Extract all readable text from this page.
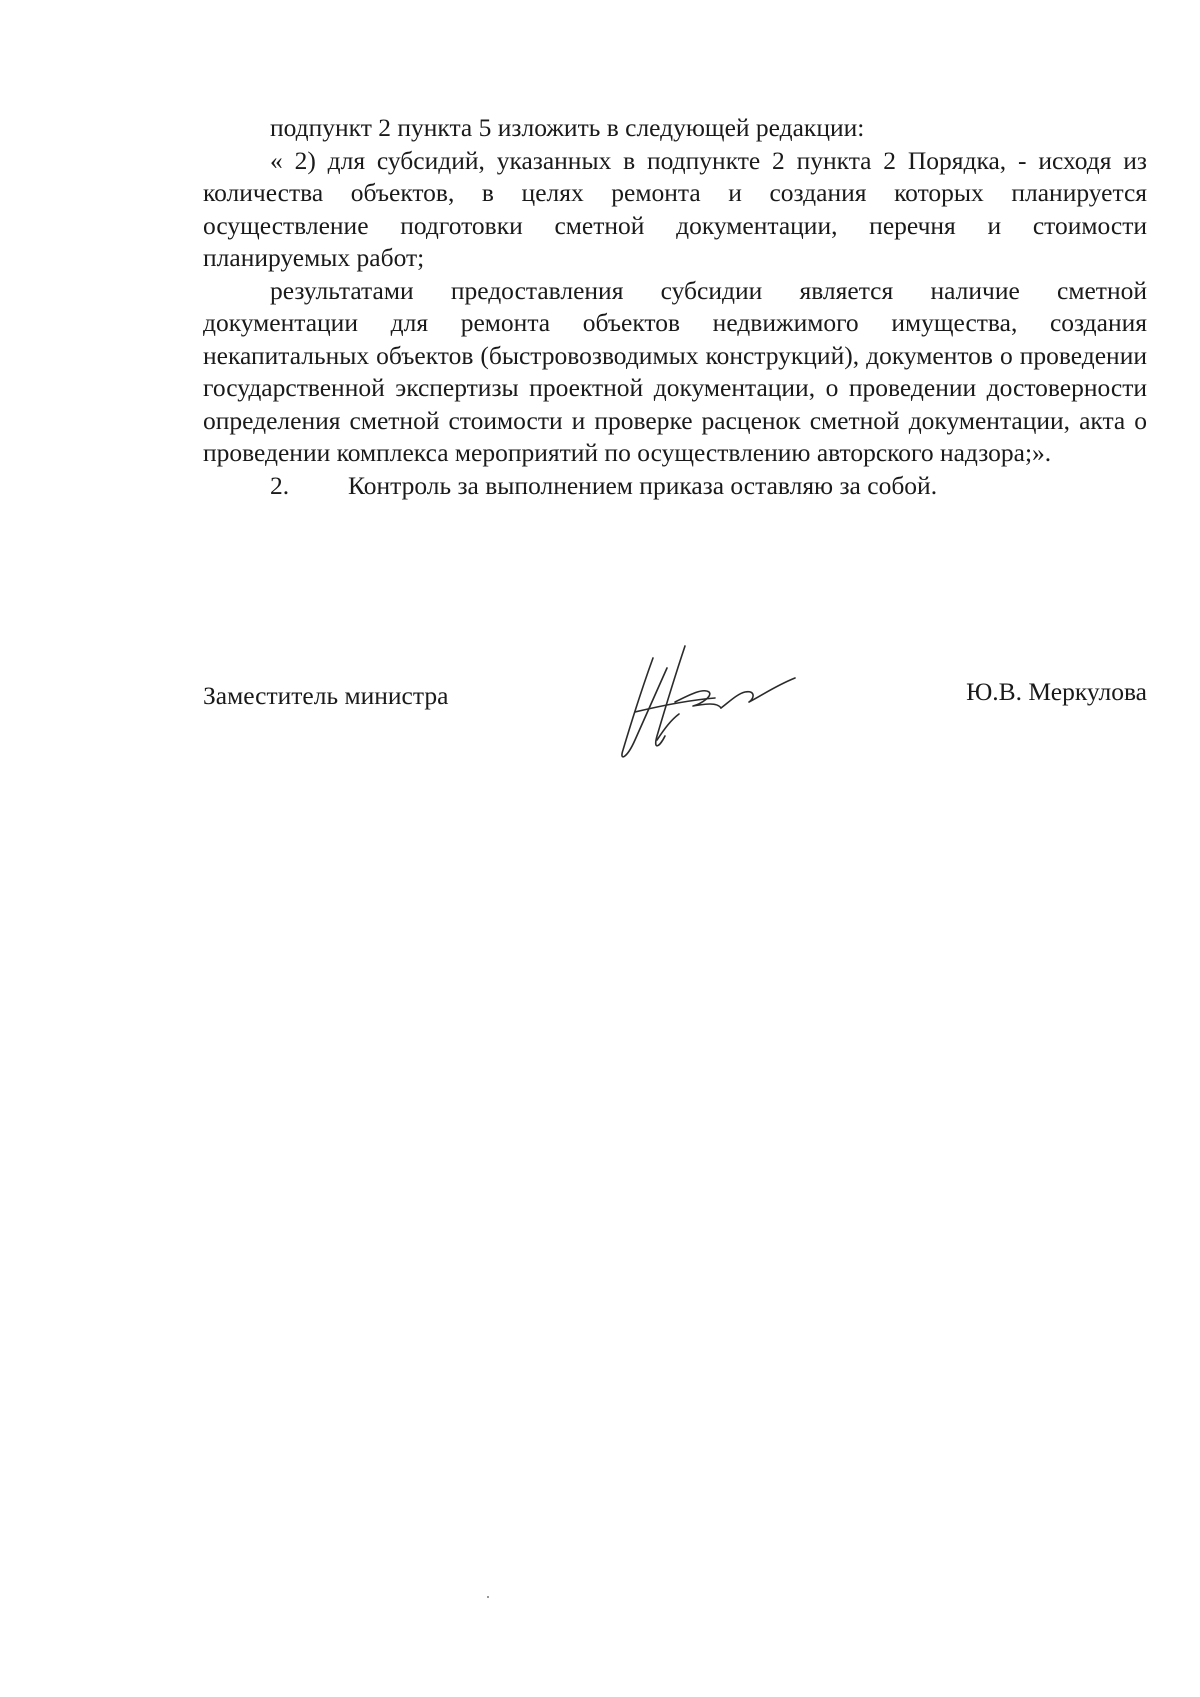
подпункт 2 пункта 5 изложить в следующей редакции:

« 2) для субсидий, указанных в подпункте 2 пункта 2 Порядка, - исходя из количества объектов, в целях ремонта и создания которых планируется осуществление подготовки сметной документации, перечня и стоимости планируемых работ;

результатами предоставления субсидии является наличие сметной документации для ремонта объектов недвижимого имущества, создания некапитальных объектов (быстровозводимых конструкций), документов о проведении государственной экспертизы проектной документации, о проведении достоверности определения сметной стоимости и проверке расценок сметной документации, акта о проведении комплекса мероприятий по осуществлению авторского надзора;».

2. Контроль за выполнением приказа оставляю за собой.

Заместитель министра	Ю.В. Меркулова
